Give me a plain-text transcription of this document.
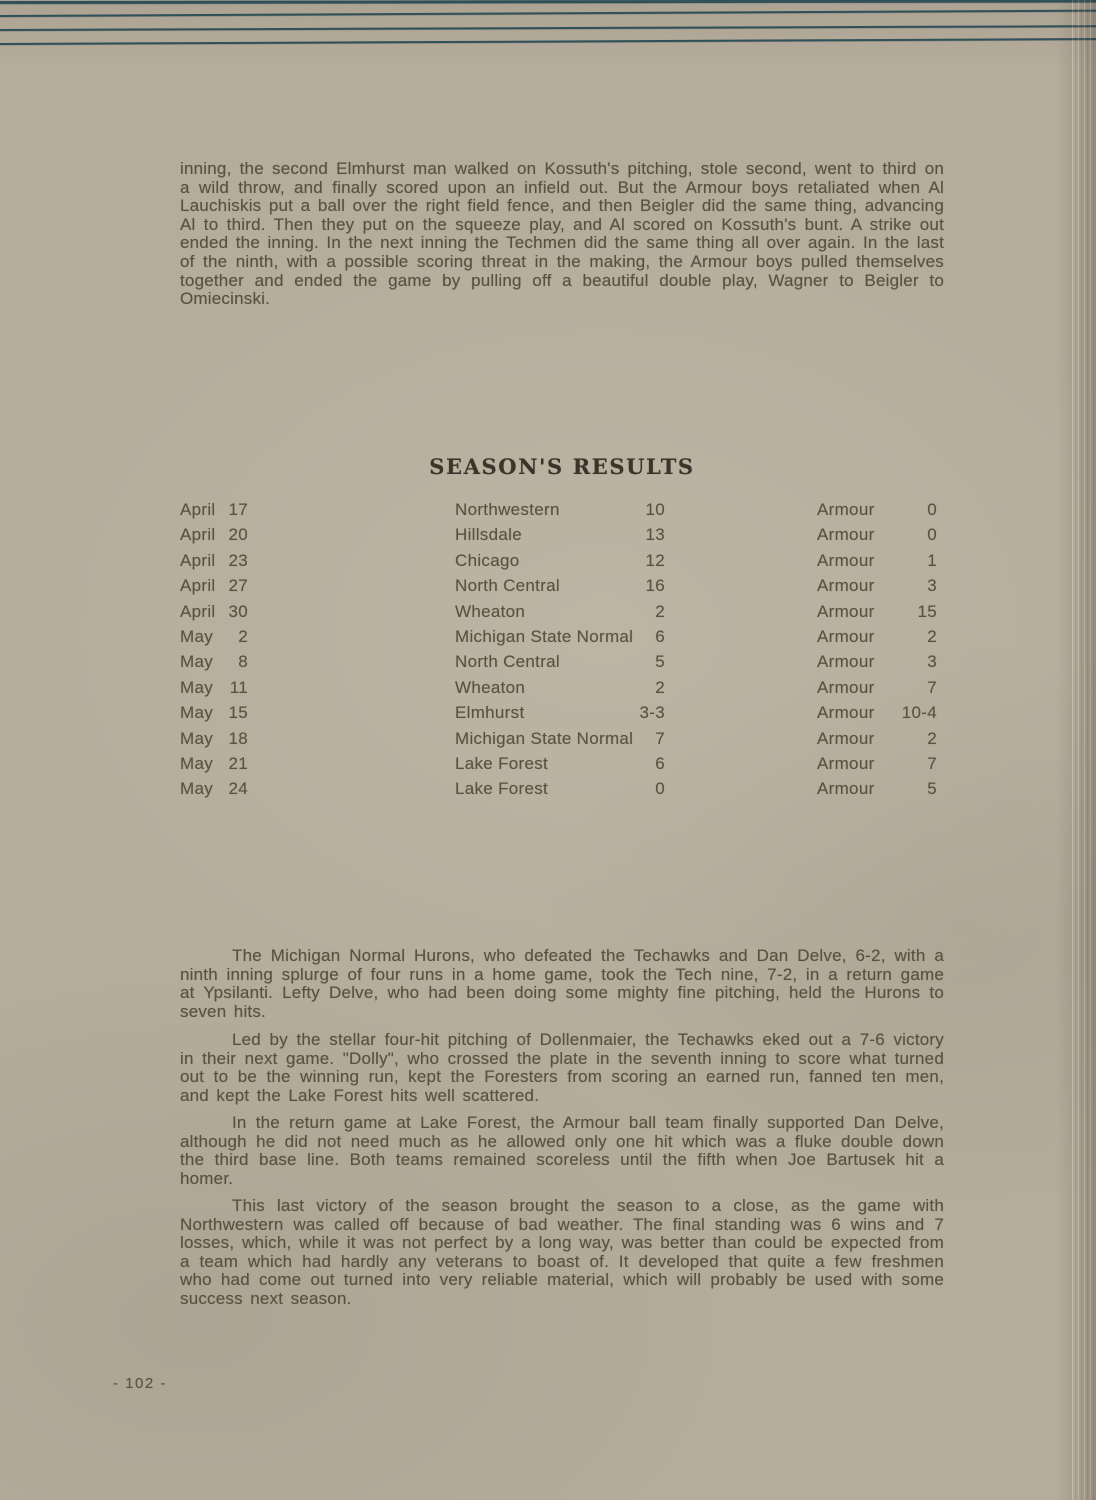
inning, the second Elmhurst man walked on Kossuth's pitching, stole second, went to third on a wild throw, and finally scored upon an infield out. But the Armour boys retaliated when Al Lauchiskis put a ball over the right field fence, and then Beigler did the same thing, advancing Al to third. Then they put on the squeeze play, and Al scored on Kossuth's bunt. A strike out ended the inning. In the next inning the Techmen did the same thing all over again. In the last of the ninth, with a possible scoring threat in the making, the Armour boys pulled themselves together and ended the game by pulling off a beautiful double play, Wagner to Beigler to Omiecinski.

SEASON'S RESULTS
April 17	Northwestern	10	Armour	0
April 20	Hillsdale	13	Armour	0
April 23	Chicago	12	Armour	1
April 27	North Central	16	Armour	3
April 30	Wheaton	2	Armour	15
May 2	Michigan State Normal	6	Armour	2
May 8	North Central	5	Armour	3
May 11	Wheaton	2	Armour	7
May 15	Elmhurst	3-3	Armour	10-4
May 18	Michigan State Normal	7	Armour	2
May 21	Lake Forest	6	Armour	7
May 24	Lake Forest	0	Armour	5

The Michigan Normal Hurons, who defeated the Techawks and Dan Delve, 6-2, with a ninth inning splurge of four runs in a home game, took the Tech nine, 7-2, in a return game at Ypsilanti. Lefty Delve, who had been doing some mighty fine pitching, held the Hurons to seven hits.

Led by the stellar four-hit pitching of Dollenmaier, the Techawks eked out a 7-6 victory in their next game. "Dolly", who crossed the plate in the seventh inning to score what turned out to be the winning run, kept the Foresters from scoring an earned run, fanned ten men, and kept the Lake Forest hits well scattered.

In the return game at Lake Forest, the Armour ball team finally supported Dan Delve, although he did not need much as he allowed only one hit which was a fluke double down the third base line. Both teams remained scoreless until the fifth when Joe Bartusek hit a homer.

This last victory of the season brought the season to a close, as the game with Northwestern was called off because of bad weather. The final standing was 6 wins and 7 losses, which, while it was not perfect by a long way, was better than could be expected from a team which had hardly any veterans to boast of. It developed that quite a few freshmen who had come out turned into very reliable material, which will probably be used with some success next season.

- 102 -
